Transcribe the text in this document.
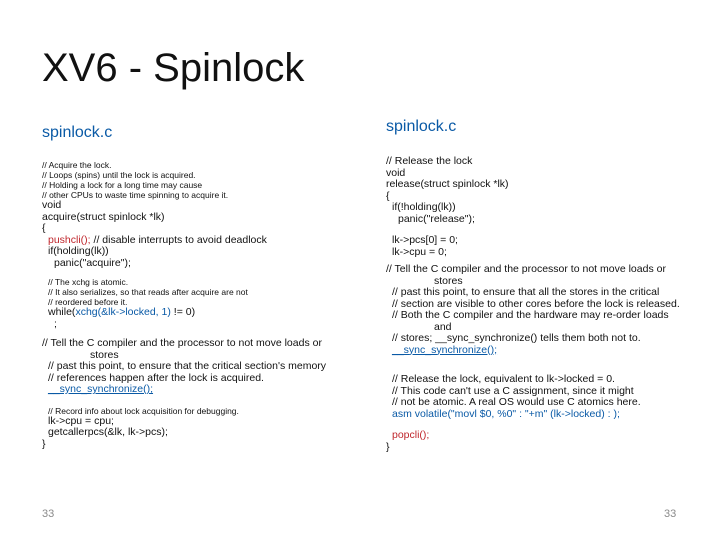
XV6 - Spinlock
spinlock.c	spinlock.c
// Acquire the lock.
// Loops (spins) until the lock is acquired.
// Holding a lock for a long time may cause
// other CPUs to waste time spinning to acquire it.
void
acquire(struct spinlock *lk)
{
pushcli(); // disable interrupts to avoid deadlock
if(holding(lk))
panic("acquire");
// The xchg is atomic.
// It also serializes, so that reads after acquire are not
// reordered before it.
while(xchg(&lk->locked, 1) != 0)
;
// Tell the C compiler and the processor to not move loads or
stores
// past this point, to ensure that the critical section's memory
// references happen after the lock is acquired.
__sync_synchronize();
// Record info about lock acquisition for debugging.
lk->cpu = cpu;
getcallerpcs(&lk, lk->pcs);
}
// Release the lock
void
release(struct spinlock *lk)
{
if(!holding(lk))
panic("release");
lk->pcs[0] = 0;
lk->cpu = 0;
// Tell the C compiler and the processor to not move loads or
stores
// past this point, to ensure that all the stores in the critical
// section are visible to other cores before the lock is released.
// Both the C compiler and the hardware may re-order loads
and
// stores; __sync_synchronize() tells them both not to.
__sync_synchronize();
// Release the lock, equivalent to lk->locked = 0.
// This code can't use a C assignment, since it might
// not be atomic. A real OS would use C atomics here.
asm volatile("movl $0, %0" : "+m" (lk->locked) : );
popcli();
}
33	33
